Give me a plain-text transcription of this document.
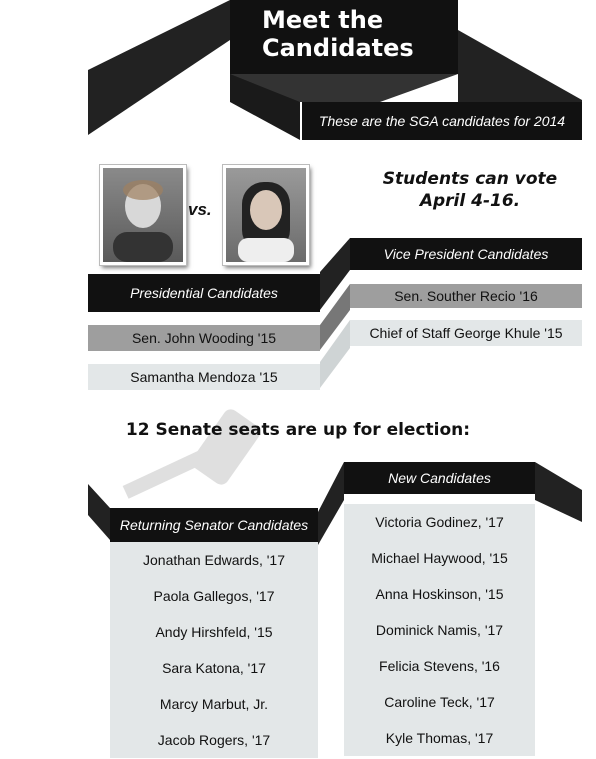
Meet the
Candidates
These are the SGA candidates for 2014
vs.
Students can vote
April 4-16.
Presidential Candidates
Sen. John Wooding '15
Samantha Mendoza '15
Vice President Candidates
Sen. Souther Recio '16
Chief of Staff George Khule '15
12 Senate seats are up for election:
Returning Senator Candidates
Jonathan Edwards, '17
Paola Gallegos, '17
Andy Hirshfeld, '15
Sara Katona, '17
Marcy Marbut, Jr.
Jacob Rogers, '17
New Candidates
Victoria Godinez, '17
Michael Haywood, '15
Anna Hoskinson, '15
Dominick Namis, '17
Felicia Stevens, '16
Caroline Teck, '17
Kyle Thomas, '17
